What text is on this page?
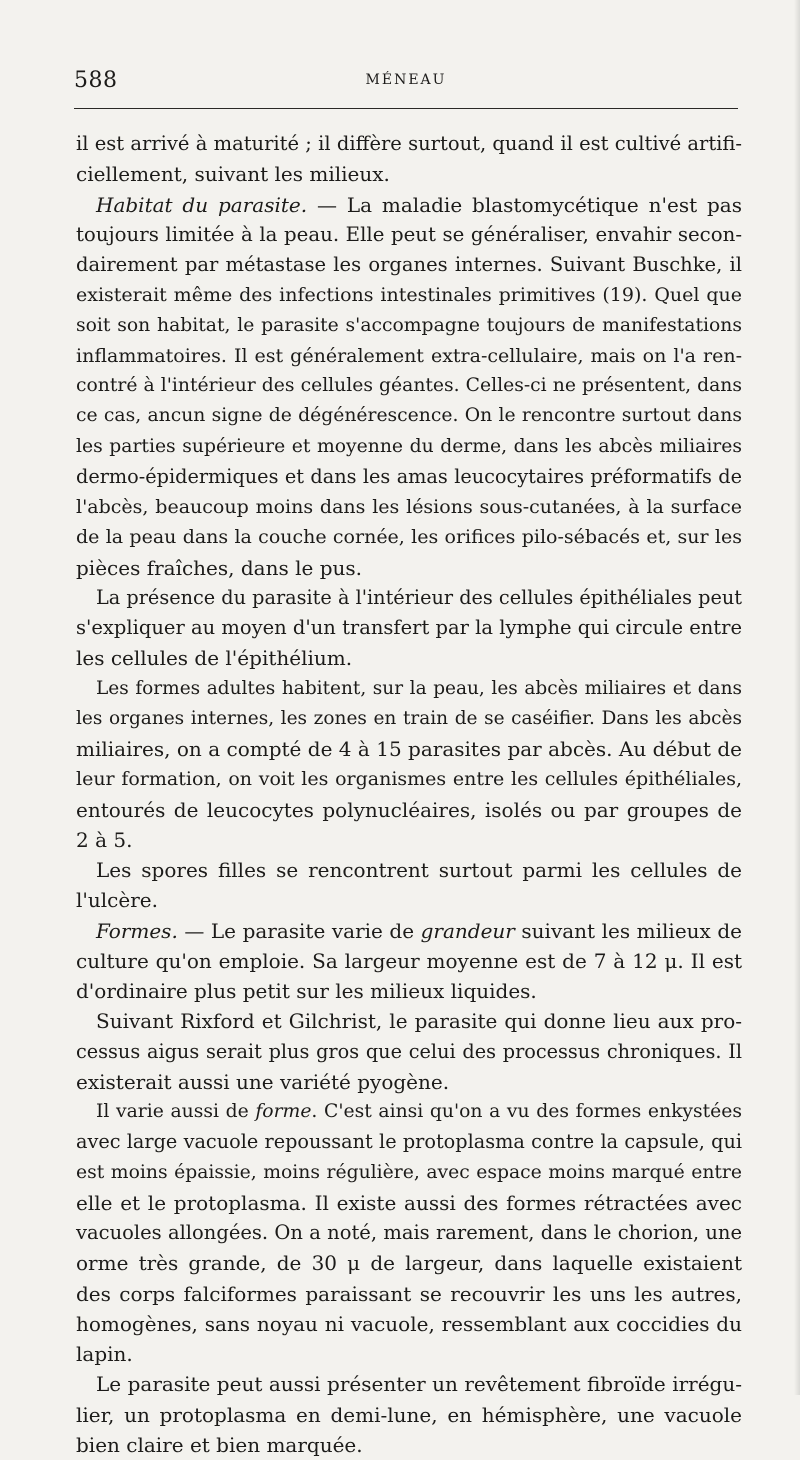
588	MÉNEAU
il est arrivé à maturité ; il diffère surtout, quand il est cultivé artifi-
ciellement, suivant les milieux.
Habitat du parasite. — La maladie blastomycétique n'est pas
toujours limitée à la peau. Elle peut se généraliser, envahir secon-
dairement par métastase les organes internes. Suivant Buschke, il
existerait même des infections intestinales primitives (19). Quel que
soit son habitat, le parasite s'accompagne toujours de manifestations
inflammatoires. Il est généralement extra-cellulaire, mais on l'a ren-
contré à l'intérieur des cellules géantes. Celles-ci ne présentent, dans
ce cas, ancun signe de dégénérescence. On le rencontre surtout dans
les parties supérieure et moyenne du derme, dans les abcès miliaires
dermo-épidermiques et dans les amas leucocytaires préformatifs de
l'abcès, beaucoup moins dans les lésions sous-cutanées, à la surface
de la peau dans la couche cornée, les orifices pilo-sébacés et, sur les
pièces fraîches, dans le pus.
La présence du parasite à l'intérieur des cellules épithéliales peut
s'expliquer au moyen d'un transfert par la lymphe qui circule entre
les cellules de l'épithélium.
Les formes adultes habitent, sur la peau, les abcès miliaires et dans
les organes internes, les zones en train de se caséifier. Dans les abcès
miliaires, on a compté de 4 à 15 parasites par abcès. Au début de
leur formation, on voit les organismes entre les cellules épithéliales,
entourés de leucocytes polynucléaires, isolés ou par groupes de
2 à 5.
Les spores filles se rencontrent surtout parmi les cellules de
l'ulcère.
Formes. — Le parasite varie de grandeur suivant les milieux de
culture qu'on emploie. Sa largeur moyenne est de 7 à 12 μ. Il est
d'ordinaire plus petit sur les milieux liquides.
Suivant Rixford et Gilchrist, le parasite qui donne lieu aux pro-
cessus aigus serait plus gros que celui des processus chroniques. Il
existerait aussi une variété pyogène.
Il varie aussi de forme. C'est ainsi qu'on a vu des formes enkystées
avec large vacuole repoussant le protoplasma contre la capsule, qui
est moins épaissie, moins régulière, avec espace moins marqué entre
elle et le protoplasma. Il existe aussi des formes rétractées avec
vacuoles allongées. On a noté, mais rarement, dans le chorion, une
orme très grande, de 30 μ de largeur, dans laquelle existaient
des corps falciformes paraissant se recouvrir les uns les autres,
homogènes, sans noyau ni vacuole, ressemblant aux coccidies du
lapin.
Le parasite peut aussi présenter un revêtement fibroïde irrégu-
lier, un protoplasma en demi-lune, en hémisphère, une vacuole
bien claire et bien marquée.
